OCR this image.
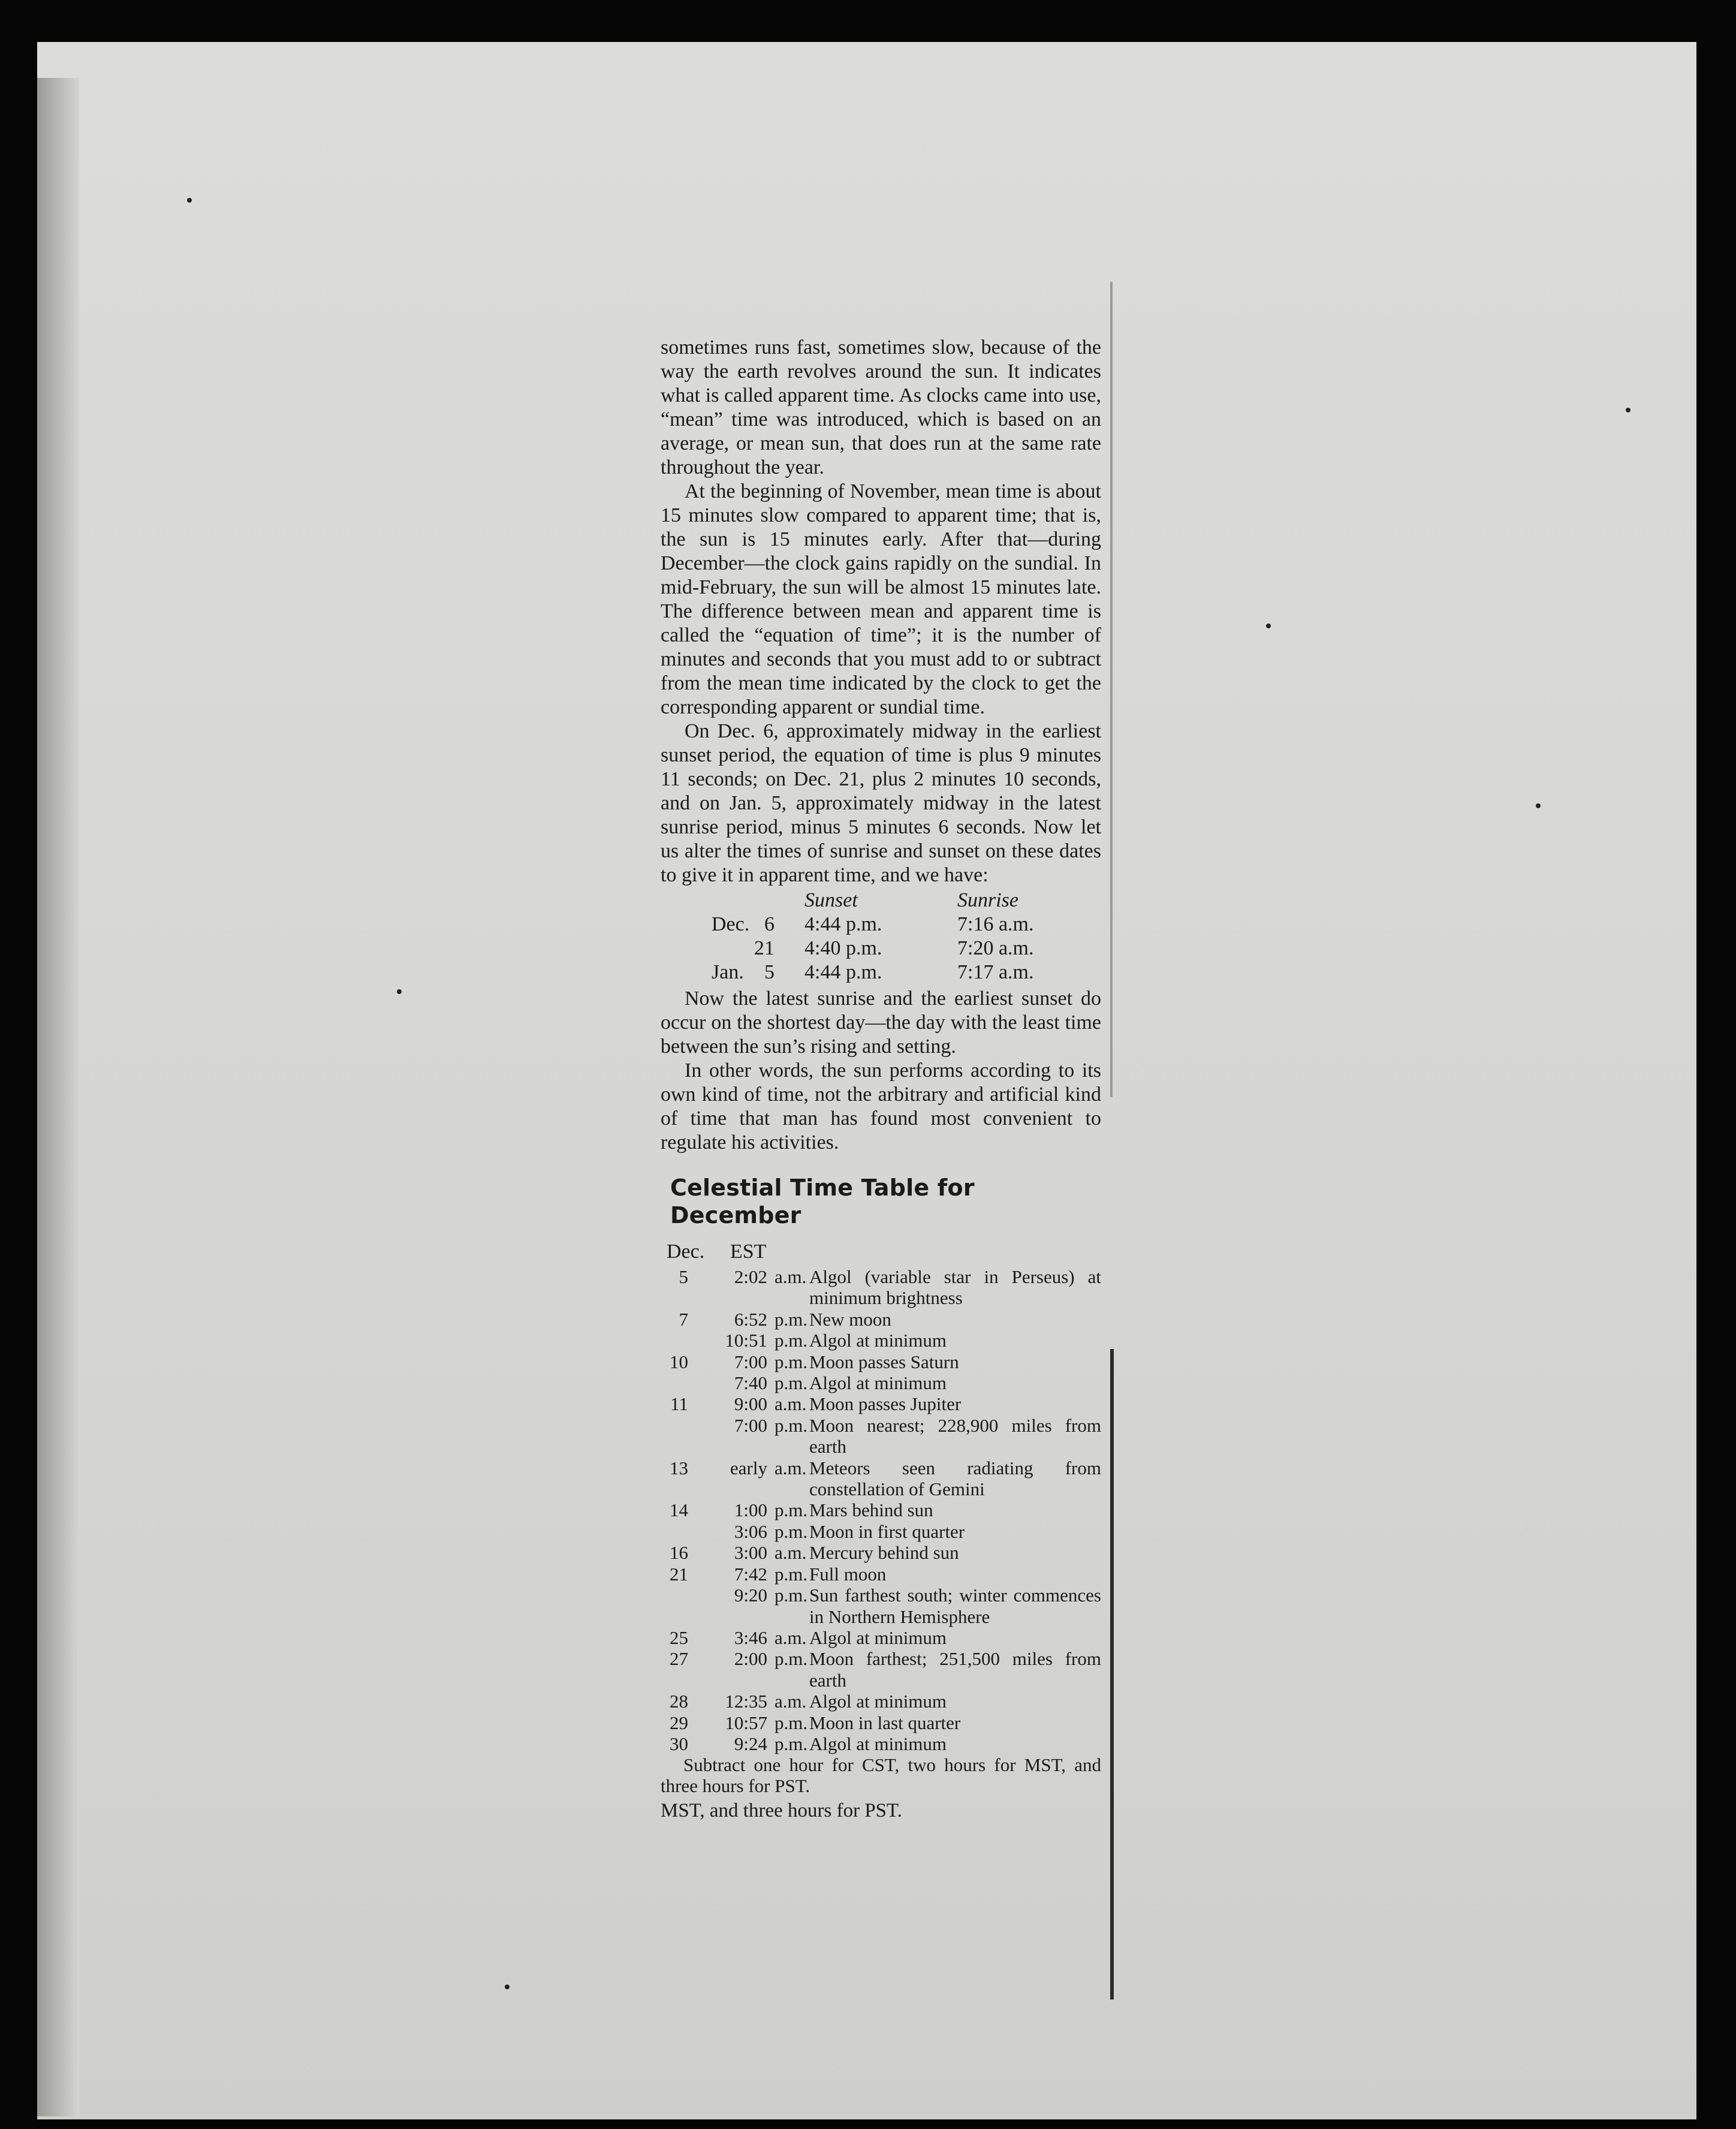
sometimes runs fast, sometimes slow, because of the way the earth revolves around the sun. It indicates what is called apparent time. As clocks came into use, “mean” time was introduced, which is based on an average, or mean sun, that does run at the same rate throughout the year.

At the beginning of November, mean time is about 15 minutes slow compared to apparent time; that is, the sun is 15 minutes early. After that—during December—the clock gains rapidly on the sundial. In mid-February, the sun will be almost 15 minutes late. The difference between mean and apparent time is called the “equation of time”; it is the number of minutes and seconds that you must add to or subtract from the mean time indicated by the clock to get the corresponding apparent or sundial time.

On Dec. 6, approximately midway in the earliest sunset period, the equation of time is plus 9 minutes 11 seconds; on Dec. 21, plus 2 minutes 10 seconds, and on Jan. 5, approximately midway in the latest sunrise period, minus 5 minutes 6 seconds. Now let us alter the times of sunrise and sunset on these dates to give it in apparent time, and we have:

Sunset	Sunrise
Dec. 6 4:44 p.m.	7:16 a.m.
21 4:40 p.m.	7:20 a.m.
Jan.	5 4:44 p.m.	7:17 a.m.

Now the latest sunrise and the earliest sunset do occur on the shortest day—the day with the least time between the sun’s rising and setting.

In other words, the sun performs according to its own kind of time, not the arbitrary and artificial kind of time that man has found most convenient to regulate his activities.

Celestial Time Table for December
Dec. EST
5	2:02 a.m. Algol (variable star in Perseus) at minimum brightness
7	6:52 p.m. New moon
10:51 p.m. Algol at minimum
10	7:00 p.m. Moon passes Saturn
7:40 p.m. Algol at minimum
11	9:00 a.m. Moon passes Jupiter
7:00 p.m. Moon nearest; 228,900 miles from earth
13	early a.m. Meteors seen radiating from constellation of Gemini
14	1:00 p.m. Mars behind sun
3:06 p.m. Moon in first quarter
16	3:00 a.m. Mercury behind sun
21	7:42 p.m. Full moon
9:20 p.m. Sun farthest south; winter commences in Northern Hemisphere
25	3:46 a.m. Algol at minimum
27	2:00 p.m. Moon farthest; 251,500 miles from earth
28	12:35 a.m. Algol at minimum
29	10:57 p.m. Moon in last quarter
30	9:24 p.m. Algol at minimum

Subtract one hour for CST, two hours for MST, and three hours for PST.

MST, and three hours for PST.
